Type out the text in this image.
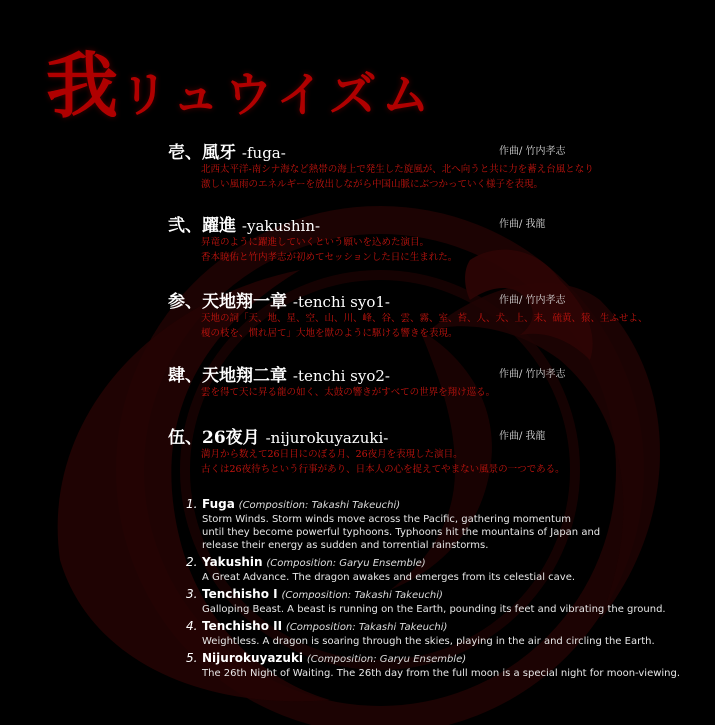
我リュウイズム
壱、風牙 -fuga-	作曲/ 竹内孝志
北西太平洋-南シナ海など熱帯の海上で発生した旋風が、北へ向うと共に力を蓄え台風となり
激しい風雨のエネルギーを放出しながら中国山脈にぶつかっていく様子を表現。
弐、躍進 -yakushin-	作曲/ 我龍
昇竜のように躍進していくという願いを込めた演目。
香本暁佑と竹内孝志が初めてセッションした日に生まれた。
参、天地翔一章 -tenchi syo1-	作曲/ 竹内孝志
天地の詞「天、地、星、空、山、川、峰、谷、雲、霧、室、苔、人、犬、上、末、硫黄、猿、生ふせよ、
榎の枝を、慣れ居て」大地を獣のように駆ける響きを表現。
肆、天地翔二章 -tenchi syo2-	作曲/ 竹内孝志
雲を得て天に昇る龍の如く、太鼓の響きがすべての世界を翔け巡る。
伍、26夜月 -nijurokuyazuki-	作曲/ 我龍
満月から数えて26日目にのぼる月、26夜月を表現した演目。
古くは26夜待ちという行事があり、日本人の心を捉えてやまない風景の一つである。
1. Fuga (Composition: Takashi Takeuchi)
Storm Winds. Storm winds move across the Pacific, gathering momentum
until they become powerful typhoons. Typhoons hit the mountains of Japan and
release their energy as sudden and torrential rainstorms.
2. Yakushin (Composition: Garyu Ensemble)
A Great Advance. The dragon awakes and emerges from its celestial cave.
3. Tenchisho I (Composition: Takashi Takeuchi)
Galloping Beast. A beast is running on the Earth, pounding its feet and vibrating the ground.
4. Tenchisho II (Composition: Takashi Takeuchi)
Weightless. A dragon is soaring through the skies, playing in the air and circling the Earth.
5. Nijurokuyazuki (Composition: Garyu Ensemble)
The 26th Night of Waiting. The 26th day from the full moon is a special night for moon-viewing.
